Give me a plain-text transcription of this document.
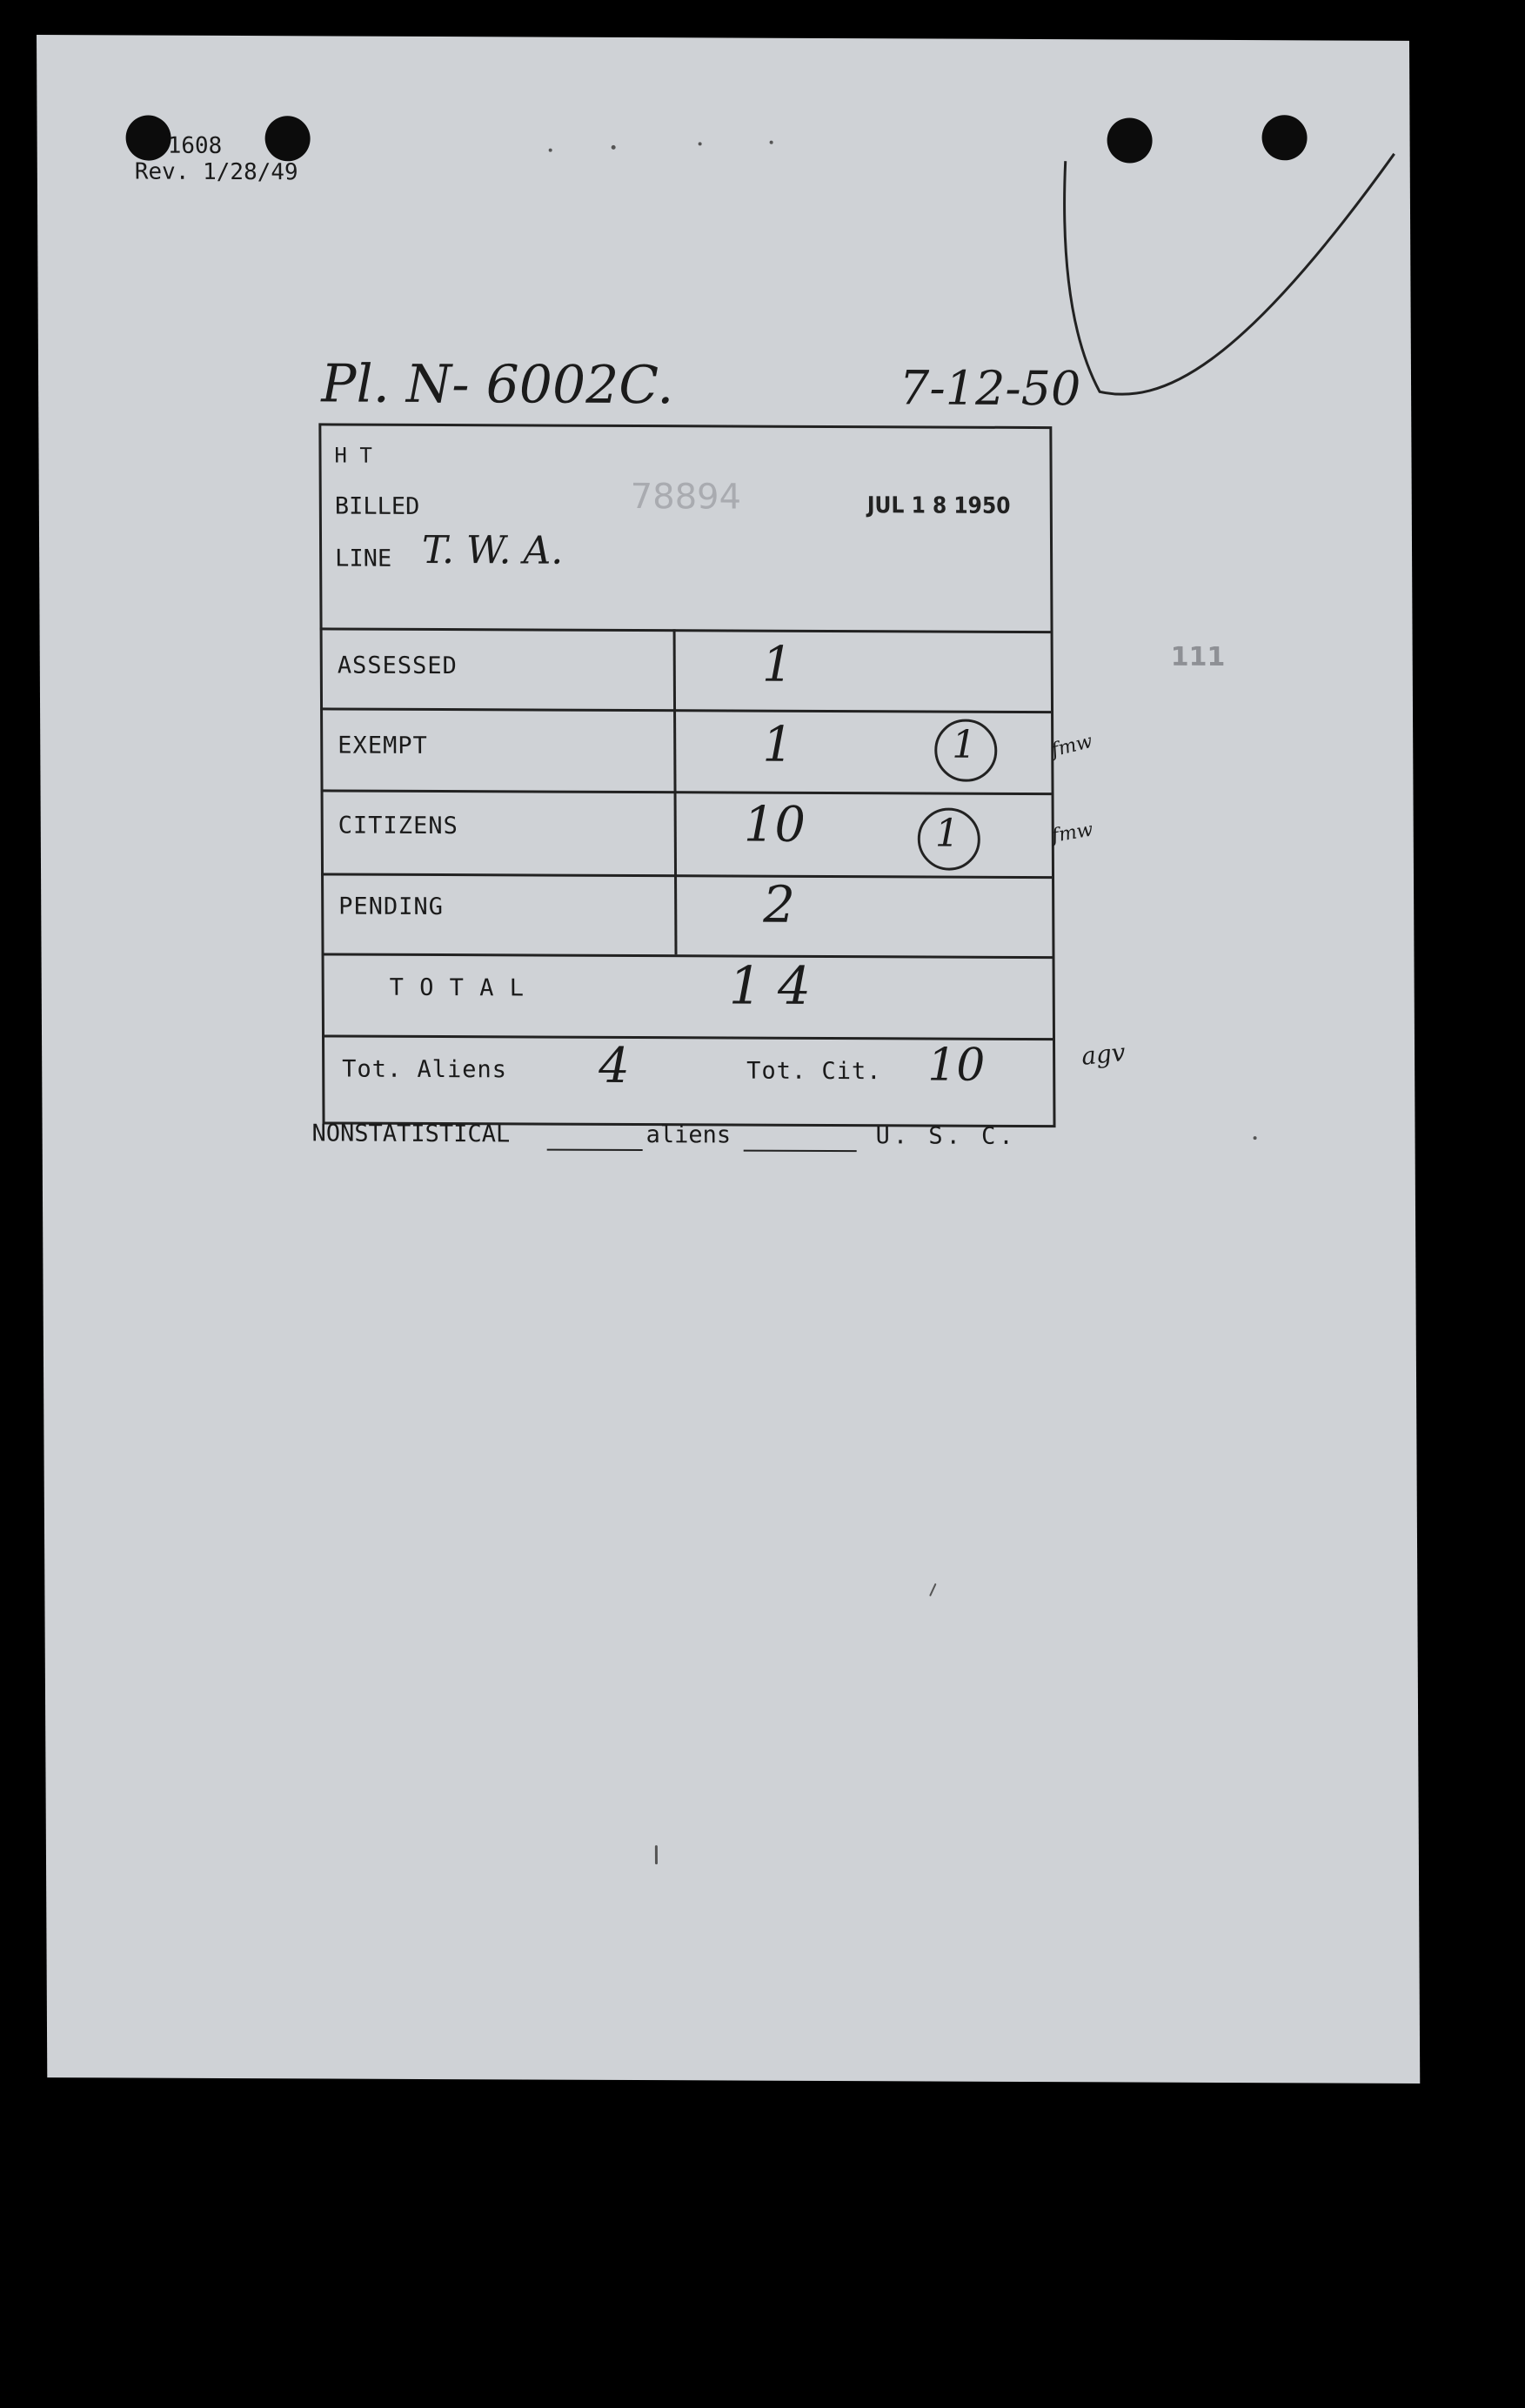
1608
Rev. 1/28/49
Pl. N- 6002C.	7-12-50
H T
BILLED	78894	JUL 1 8 1950
LINE T. W. A.
ASSESSED	1
EXEMPT	1	1
CITIZENS	10	1
PENDING	2
T O T A L	14
Tot. Aliens 4	Tot. Cit. 10
NONSTATISTICAL	aliens	U. S. C.
111
fmw
fmw
agv
